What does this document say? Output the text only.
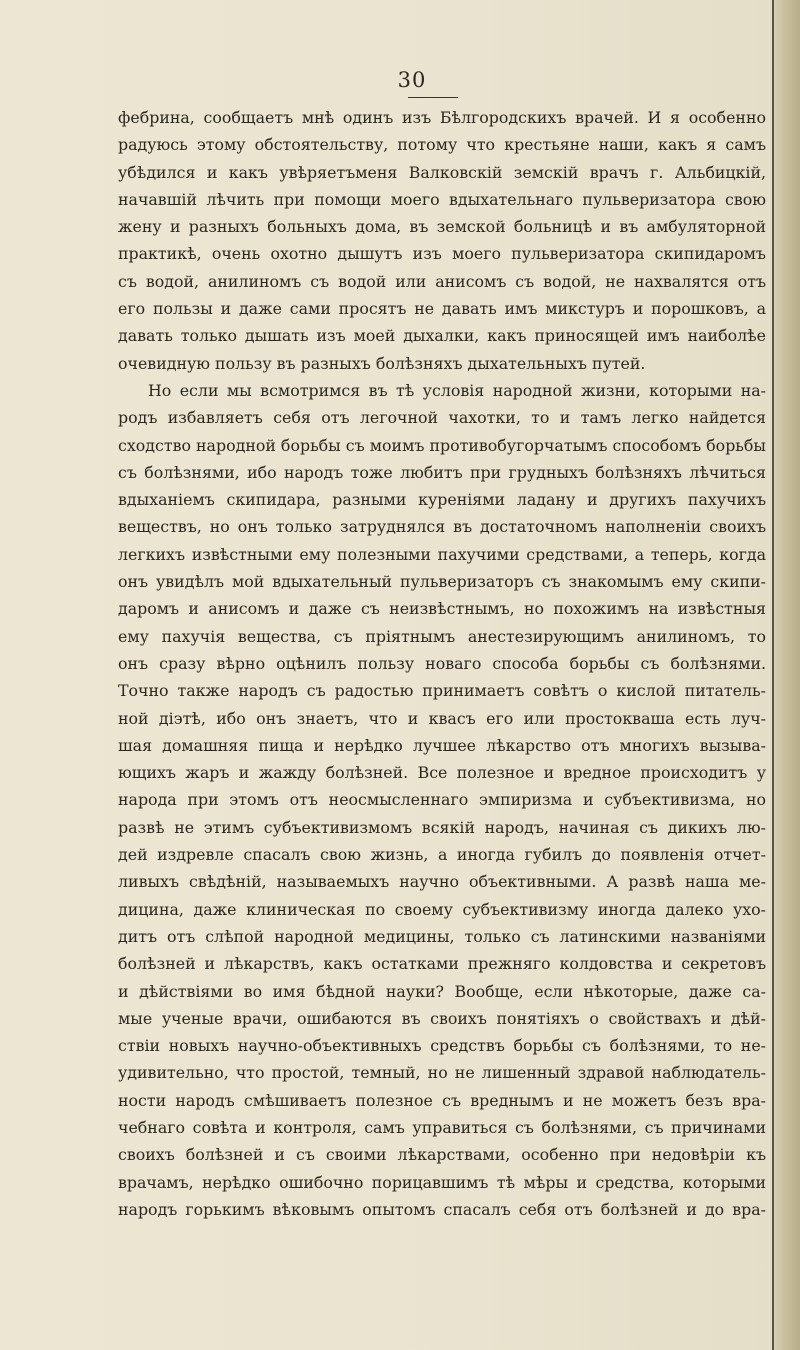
30
фебрина, сообщаетъ мнѣ одинъ изъ Бѣлгородскихъ врачей. И я особенно
радуюсь этому обстоятельству, потому что крестьяне наши, какъ я самъ
убѣдился и какъ увѣряетъменя Валковскій земскій врачъ г. Альбицкій,
начавшій лѣчить при помощи моего вдыхательнаго пульверизатора свою
жену и разныхъ больныхъ дома, въ земской больницѣ и въ амбуляторной
практикѣ, очень охотно дышутъ изъ моего пульверизатора скипидаромъ
съ водой, анилиномъ съ водой или анисомъ съ водой, не нахвалятся отъ
его пользы и даже сами просятъ не давать имъ микстуръ и порошковъ, а
давать только дышать изъ моей дыхалки, какъ приносящей имъ наиболѣе
очевидную пользу въ разныхъ болѣзняхъ дыхательныхъ путей.
Но если мы всмотримся въ тѣ условія народной жизни, которыми на-
родъ избавляетъ себя отъ легочной чахотки, то и тамъ легко найдется
сходство народной борьбы съ моимъ противобугорчатымъ способомъ борьбы
съ болѣзнями, ибо народъ тоже любитъ при грудныхъ болѣзняхъ лѣчиться
вдыханіемъ скипидара, разными куреніями ладану и другихъ пахучихъ
веществъ, но онъ только затруднялся въ достаточномъ наполненіи своихъ
легкихъ извѣстными ему полезными пахучими средствами, а теперь, когда
онъ увидѣлъ мой вдыхательный пульверизаторъ съ знакомымъ ему скипи-
даромъ и анисомъ и даже съ неизвѣстнымъ, но похожимъ на извѣстныя
ему пахучія вещества, съ пріятнымъ анестезирующимъ анилиномъ, то
онъ сразу вѣрно оцѣнилъ пользу новаго способа борьбы съ болѣзнями.
Точно также народъ съ радостью принимаетъ совѣтъ о кислой питатель-
ной діэтѣ, ибо онъ знаетъ, что и квасъ его или простокваша есть луч-
шая домашняя пища и нерѣдко лучшее лѣкарство отъ многихъ вызыва-
ющихъ жаръ и жажду болѣзней. Все полезное и вредное происходитъ у
народа при этомъ отъ неосмысленнаго эмпиризма и субъективизма, но
развѣ не этимъ субъективизмомъ всякій народъ, начиная съ дикихъ лю-
дей издревле спасалъ свою жизнь, а иногда губилъ до появленія отчет-
ливыхъ свѣдѣній, называемыхъ научно объективными. А развѣ наша ме-
дицина, даже клиническая по своему субъективизму иногда далеко ухо-
дитъ отъ слѣпой народной медицины, только съ латинскими названіями
болѣзней и лѣкарствъ, какъ остатками прежняго колдовства и секретовъ
и дѣйствіями во имя бѣдной науки? Вообще, если нѣкоторые, даже са-
мые ученые врачи, ошибаются въ своихъ понятіяхъ о свойствахъ и дѣй-
ствіи новыхъ научно-объективныхъ средствъ борьбы съ болѣзнями, то не-
удивительно, что простой, темный, но не лишенный здравой наблюдатель-
ности народъ смѣшиваетъ полезное съ вреднымъ и не можетъ безъ вра-
чебнаго совѣта и контроля, самъ управиться съ болѣзнями, съ причинами
своихъ болѣзней и съ своими лѣкарствами, особенно при недовѣріи къ
врачамъ, нерѣдко ошибочно порицавшимъ тѣ мѣры и средства, которыми
народъ горькимъ вѣковымъ опытомъ спасалъ себя отъ болѣзней и до вра-
